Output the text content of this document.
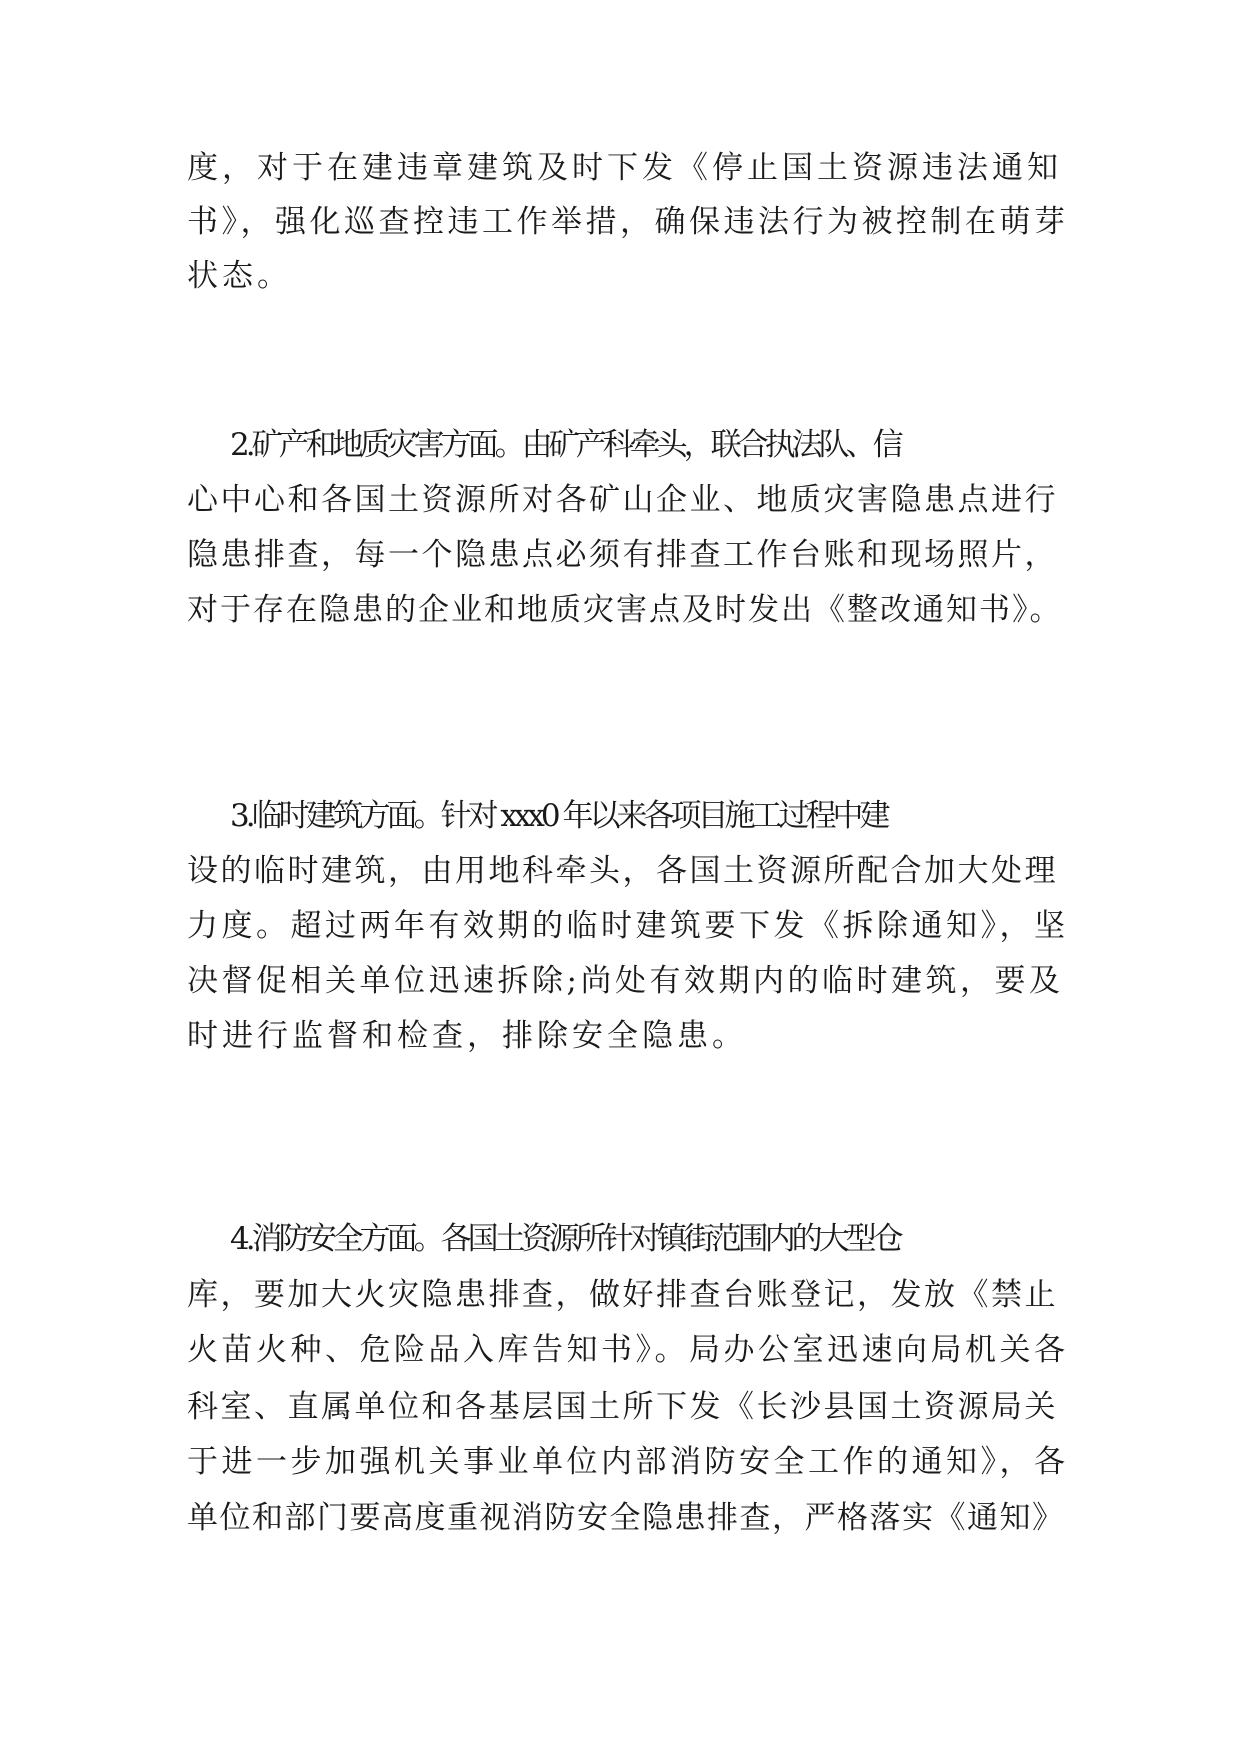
度，对于在建违章建筑及时下发《停止国土资源违法通知
书》，强化巡查控违工作举措，确保违法行为被控制在萌芽
状态。
2.矿产和地质灾害方面。由矿产科牵头，联合执法队、信
心中心和各国土资源所对各矿山企业、地质灾害隐患点进行
隐患排查，每一个隐患点必须有排查工作台账和现场照片，
对于存在隐患的企业和地质灾害点及时发出《整改通知书》。
3.临时建筑方面。针对 xxx0 年以来各项目施工过程中建
设的临时建筑，由用地科牵头，各国土资源所配合加大处理
力度。超过两年有效期的临时建筑要下发《拆除通知》，坚
决督促相关单位迅速拆除;尚处有效期内的临时建筑，要及
时进行监督和检查，排除安全隐患。
4.消防安全方面。各国土资源所针对镇街范围内的大型仓
库，要加大火灾隐患排查，做好排查台账登记，发放《禁止
火苗火种、危险品入库告知书》。局办公室迅速向局机关各
科室、直属单位和各基层国土所下发《长沙县国土资源局关
于进一步加强机关事业单位内部消防安全工作的通知》，各
单位和部门要高度重视消防安全隐患排查，严格落实《通知》
